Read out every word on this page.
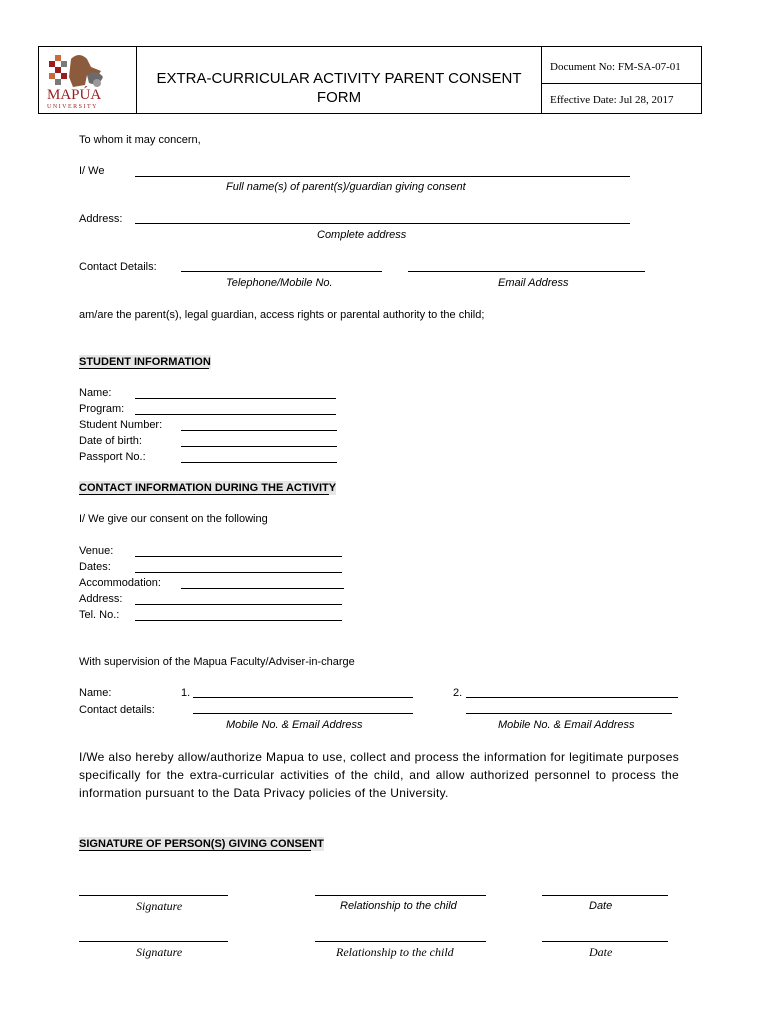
MAPÚA
UNIVERSITY
EXTRA-CURRICULAR ACTIVITY PARENT CONSENT FORM
Document No: FM-SA-07-01
Effective Date: Jul 28, 2017
To whom it may concern,
I/ We
Full name(s) of parent(s)/guardian giving consent
Address:
Complete address
Contact Details:
Telephone/Mobile No.	Email Address
am/are the parent(s), legal guardian, access rights or parental authority to the child;
STUDENT INFORMATION
Name:
Program:
Student Number:
Date of birth:
Passport No.:
CONTACT INFORMATION DURING THE ACTIVITY
I/ We give our consent on the following
Venue:
Dates:
Accommodation:
Address:
Tel. No.:
With supervision of the Mapua Faculty/Adviser-in-charge
Name:	1.	2.
Contact details:
Mobile No. & Email Address	Mobile No. & Email Address
I/We also hereby allow/authorize Mapua to use, collect and process the information for legitimate purposes specifically for the extra-curricular activities of the child, and allow authorized personnel to process the information pursuant to the Data Privacy policies of the University.
SIGNATURE OF PERSON(S) GIVING CONSENT
Signature	Relationship to the child	Date
Signature	Relationship to the child	Date
